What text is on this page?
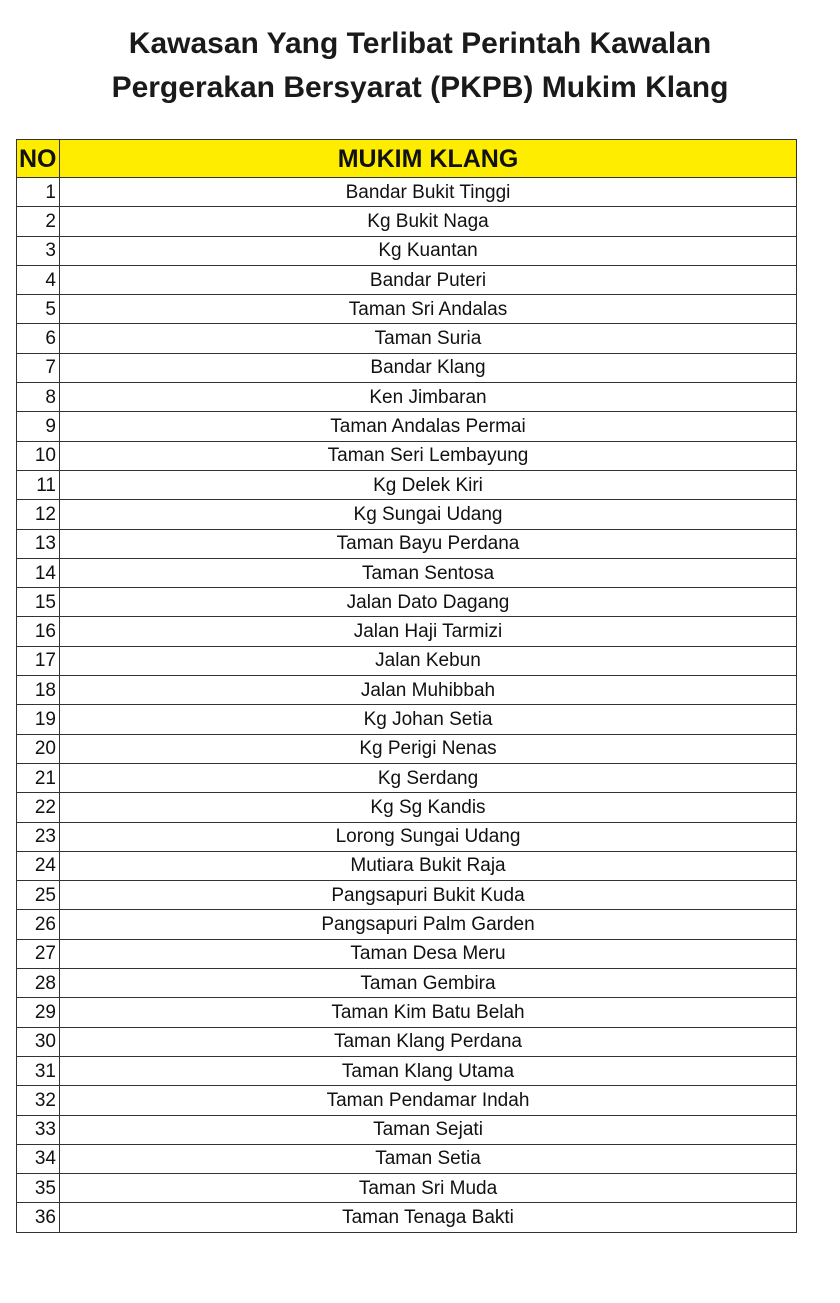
Kawasan Yang Terlibat Perintah Kawalan
Pergerakan Bersyarat (PKPB) Mukim Klang
NO	MUKIM KLANG
1	Bandar Bukit Tinggi
2	Kg Bukit Naga
3	Kg Kuantan
4	Bandar Puteri
5	Taman Sri Andalas
6	Taman Suria
7	Bandar Klang
8	Ken Jimbaran
9	Taman Andalas Permai
10	Taman Seri Lembayung
11	Kg Delek Kiri
12	Kg Sungai Udang
13	Taman Bayu Perdana
14	Taman Sentosa
15	Jalan Dato Dagang
16	Jalan Haji Tarmizi
17	Jalan Kebun
18	Jalan Muhibbah
19	Kg Johan Setia
20	Kg Perigi Nenas
21	Kg Serdang
22	Kg Sg Kandis
23	Lorong Sungai Udang
24	Mutiara Bukit Raja
25	Pangsapuri Bukit Kuda
26	Pangsapuri Palm Garden
27	Taman Desa Meru
28	Taman Gembira
29	Taman Kim Batu Belah
30	Taman Klang Perdana
31	Taman Klang Utama
32	Taman Pendamar Indah
33	Taman Sejati
34	Taman Setia
35	Taman Sri Muda
36	Taman Tenaga Bakti
